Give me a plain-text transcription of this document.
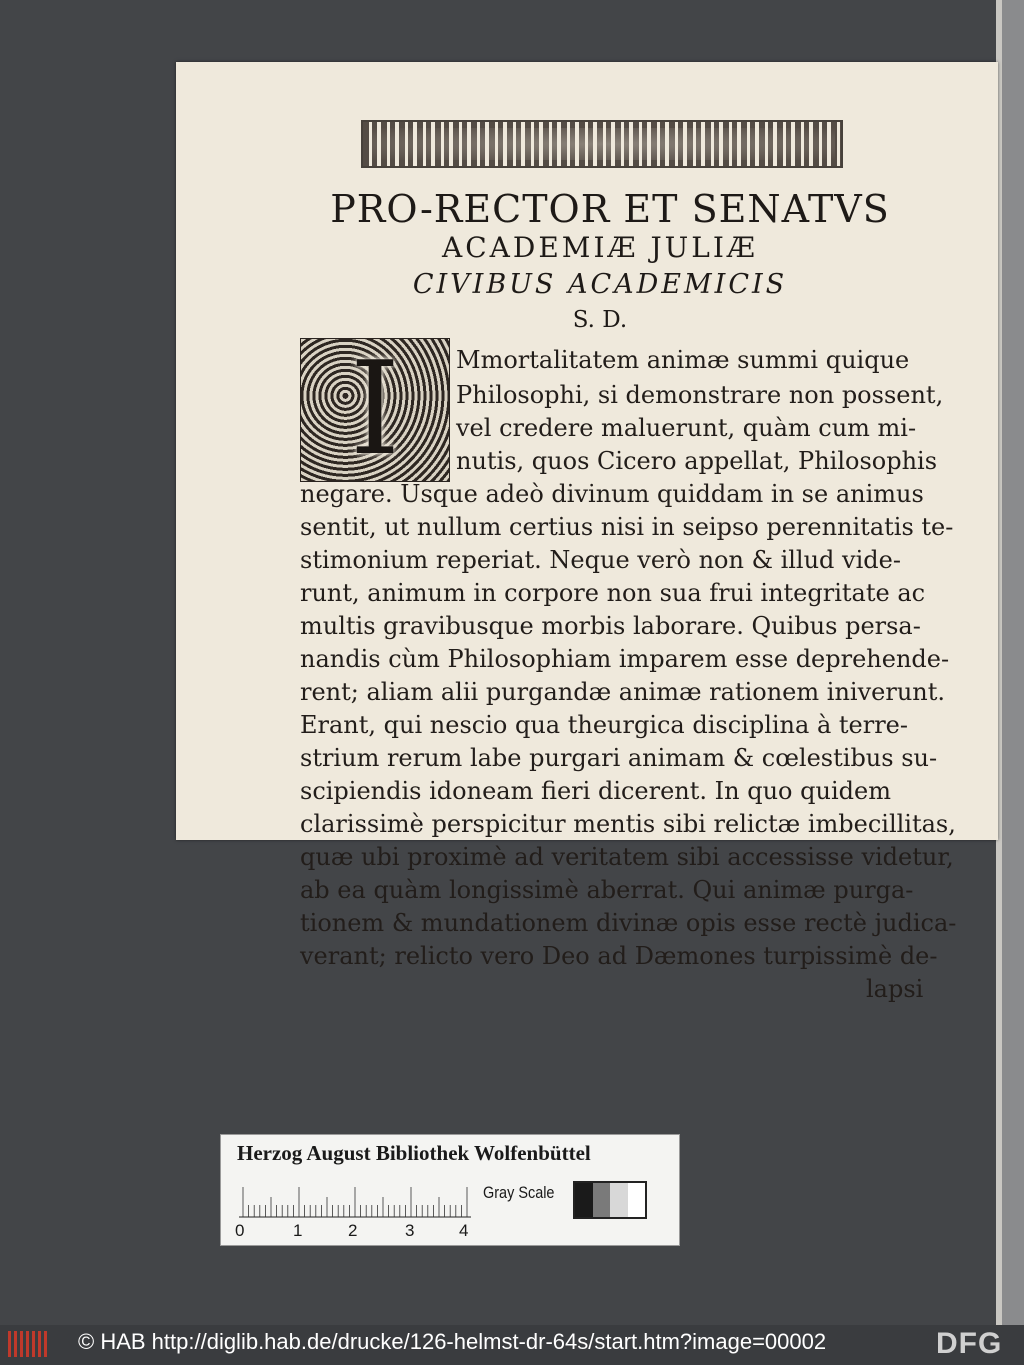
PRO-RECTOR ET SENATVS
ACADEMIÆ JULIÆ
CIVIBUS ACADEMICIS
S. D.
I	Mmortalitatem animæ summi quique
Philosophi, si demonstrare non possent,
vel credere maluerunt, quàm cum mi-
nutis, quos Cicero appellat, Philosophis
negare. Usque adeò divinum quiddam in se animus
sentit, ut nullum certius nisi in seipso perennitatis te-
stimonium reperiat. Neque verò non & illud vide-
runt, animum in corpore non sua frui integritate ac
multis gravibusque morbis laborare. Quibus persa-
nandis cùm Philosophiam imparem esse deprehende-
rent; aliam alii purgandæ animæ rationem iniverunt.
Erant, qui nescio qua theurgica disciplina à terre-
strium rerum labe purgari animam & cœlestibus su-
scipiendis idoneam fieri dicerent. In quo quidem
clarissimè perspicitur mentis sibi relictæ imbecillitas,
quæ ubi proximè ad veritatem sibi accessisse videtur,
ab ea quàm longissimè aberrat. Qui animæ purga-
tionem & mundationem divinæ opis esse rectè judica-
verant; relicto vero Deo ad Dæmones turpissimè de-
lapsi
Herzog August Bibliothek Wolfenbüttel
0	1	2	3	4
Gray Scale
© HAB http://diglib.hab.de/drucke/126-helmst-dr-64s/start.htm?image=00002	DFG
